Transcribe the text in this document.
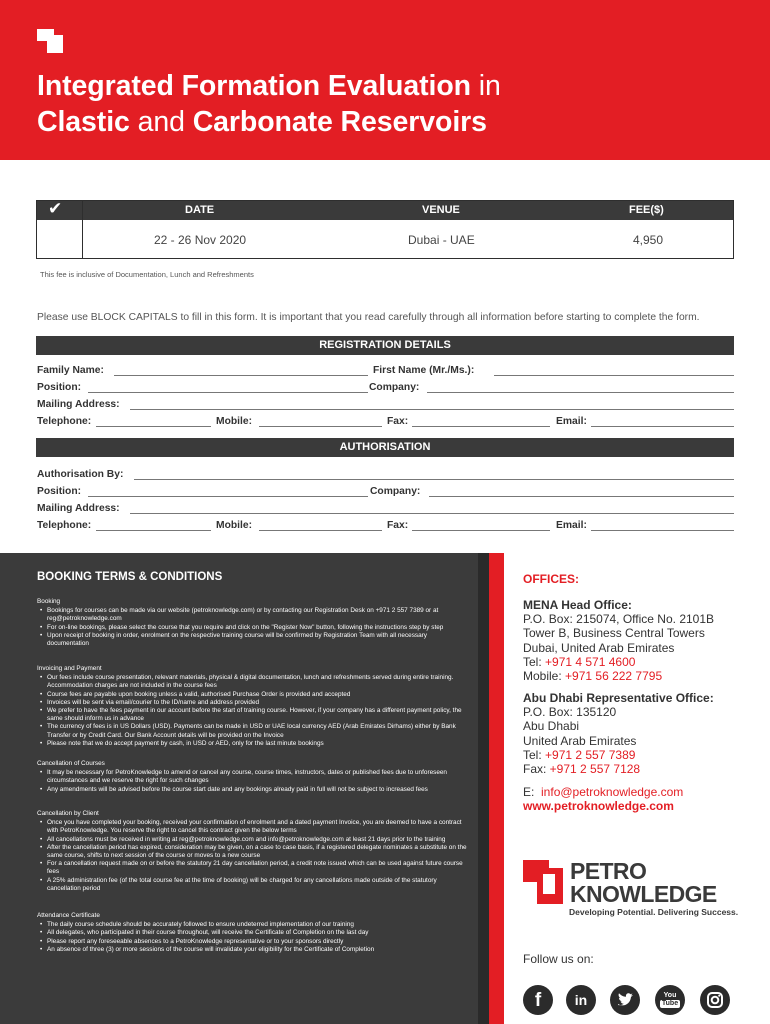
Integrated Formation Evaluation in
Clastic and Carbonate Reservoirs
DATE	VENUE	FEE($)
✔
22 - 26 Nov 2020	Dubai - UAE	4,950
This fee is inclusive of Documentation, Lunch and Refreshments
Please use BLOCK CAPITALS to fill in this form. It is important that you read carefully through all information before starting to complete the form.
REGISTRATION DETAILS
Family Name:	First Name (Mr./Ms.):
Position:	Company:
Mailing Address:
Telephone:	Mobile:	Fax:	Email:
AUTHORISATION
Authorisation By:
Position:	Company:
Mailing Address:
Telephone:	Mobile:	Fax:	Email:
BOOKING TERMS & CONDITIONS
Booking
• Bookings for courses can be made via our website (petroknowledge.com) or by contacting our Registration Desk on +971 2 557 7389 or at reg@petroknowledge.com
• For on-line bookings, please select the course that you require and click on the "Register Now" button, following the instructions step by step
• Upon receipt of booking in order, enrolment on the respective training course will be confirmed by Registration Team with all necessary documentation
Invoicing and Payment
• Our fees include course presentation, relevant materials, physical & digital documentation, lunch and refreshments served during entire training. Accommodation charges are not included in the course fees
• Course fees are payable upon booking unless a valid, authorised Purchase Order is provided and accepted
• Invoices will be sent via email/courier to the ID/name and address provided
• We prefer to have the fees payment in our account before the start of training course. However, if your company has a different payment policy, the same should inform us in advance
• The currency of fees is in US Dollars (USD). Payments can be made in USD or UAE local currency AED (Arab Emirates Dirhams) either by Bank Transfer or by Credit Card. Our Bank Account details will be provided on the Invoice
• Please note that we do accept payment by cash, in USD or AED, only for the last minute bookings
Cancellation of Courses
• It may be necessary for PetroKnowledge to amend or cancel any course, course times, instructors, dates or published fees due to unforeseen circumstances and we reserve the right for such changes
• Any amendments will be advised before the course start date and any bookings already paid in full will not be subject to increased fees
Cancellation by Client
• Once you have completed your booking, received your confirmation of enrolment and a dated payment Invoice, you are deemed to have a contract with PetroKnowledge. You reserve the right to cancel this contract given the below terms
• All cancellations must be received in writing at reg@petroknowledge.com and info@petroknowledge.com at least 21 days prior to the training
• After the cancellation period has expired, consideration may be given, on a case to case basis, if a registered delegate nominates a substitute on the same course, shifts to next session of the course or moves to a new course
• For a cancellation request made on or before the statutory 21 day cancellation period, a credit note issued which can be used against future course fees
• A 25% administration fee (of the total course fee at the time of booking) will be charged for any cancellations made outside of the statutory cancellation period
Attendance Certificate
• The daily course schedule should be accurately followed to ensure undeterred implementation of our training
• All delegates, who participated in their course throughout, will receive the Certificate of Completion on the last day
• Please report any foreseeable absences to a PetroKnowledge representative or to your sponsors directly
• An absence of three (3) or more sessions of the course will invalidate your eligibility for the Certificate of Completion
OFFICES:
MENA Head Office:
P.O. Box: 215074, Office No. 2101B
Tower B, Business Central Towers
Dubai, United Arab Emirates
Tel: +971 4 571 4600
Mobile: +971 56 222 7795
Abu Dhabi Representative Office:
P.O. Box: 135120
Abu Dhabi
United Arab Emirates
Tel: +971 2 557 7389
Fax: +971 2 557 7128
E: info@petroknowledge.com
www.petroknowledge.com
PETRO
KNOWLEDGE
Developing Potential. Delivering Success.
Follow us on:
f	in	You
Tube
